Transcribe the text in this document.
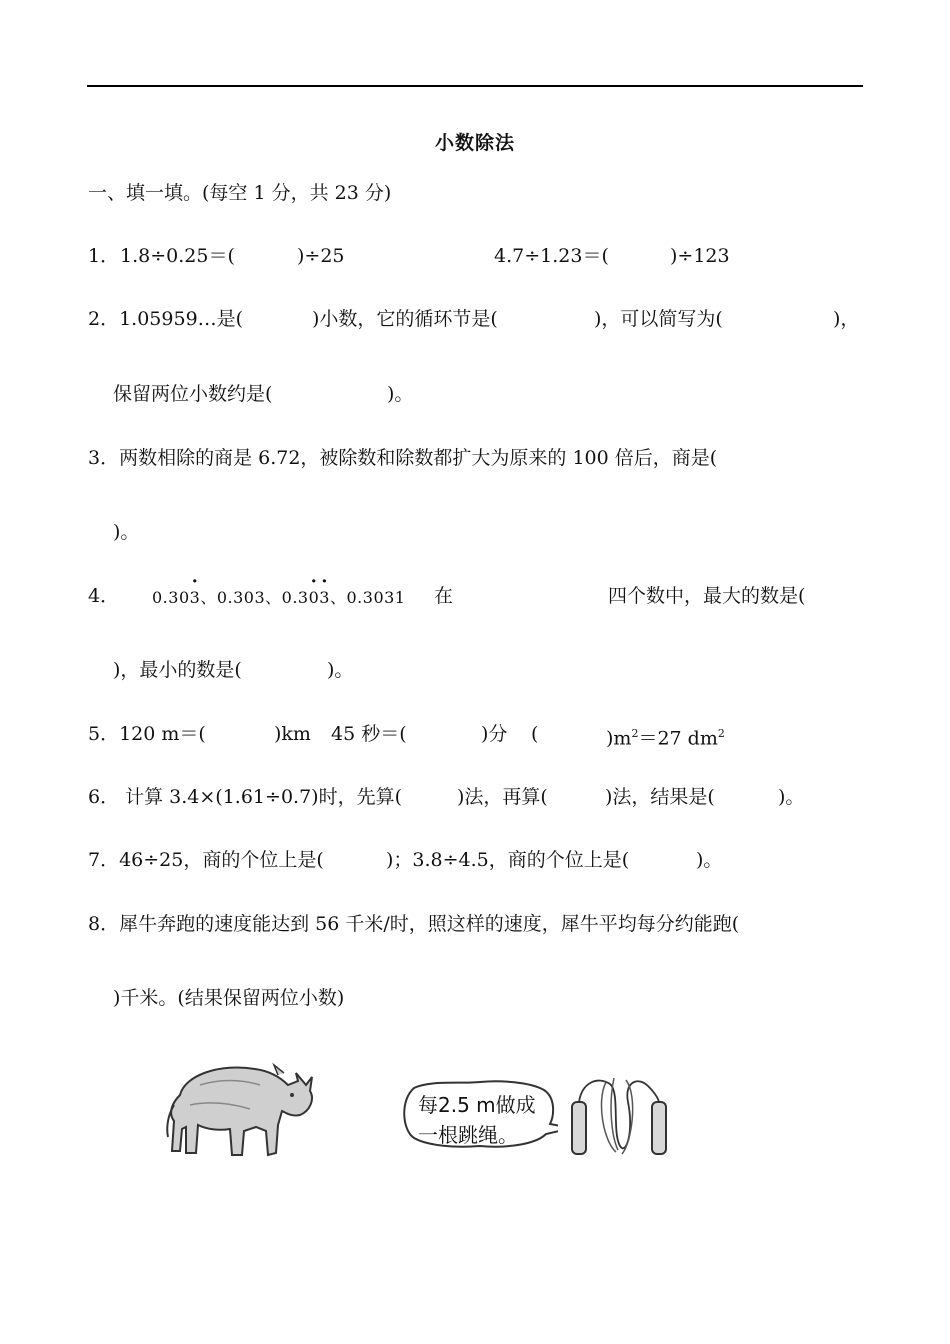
小数除法
一、填一填。(每空 1 分，共 23 分)
1． 1.8÷0.25＝(	)÷25	4.7÷1.23＝(	)÷123
2．1.05959…是(	)小数，它的循环节是(	)，可以简写为(	)，
保留两位小数约是(	)。
3．两数相除的商是 6.72，被除数和除数都扩大为原来的 100 倍后，商是(
)。
4． 0.30· 3、0.303、0.3· 0· 3、0.3031 在	四个数中，最大的数是(
)，最小的数是(	)。
5．120 m＝(	)km 45 秒＝(	)分 (	)$m^2=27$ $dm^2$
6． 计算 3.4×(1.61÷0.7)时，先算(	)法，再算(	)法，结果是(	)。
7．46÷25，商的个位上是(	)；3.8÷4.5，商的个位上是(	)。
8．犀牛奔跑的速度能达到 56 千米/时，照这样的速度，犀牛平均每分约能跑(
)千米。(结果保留两位小数)
每2.5 m做成
一根跳绳。
